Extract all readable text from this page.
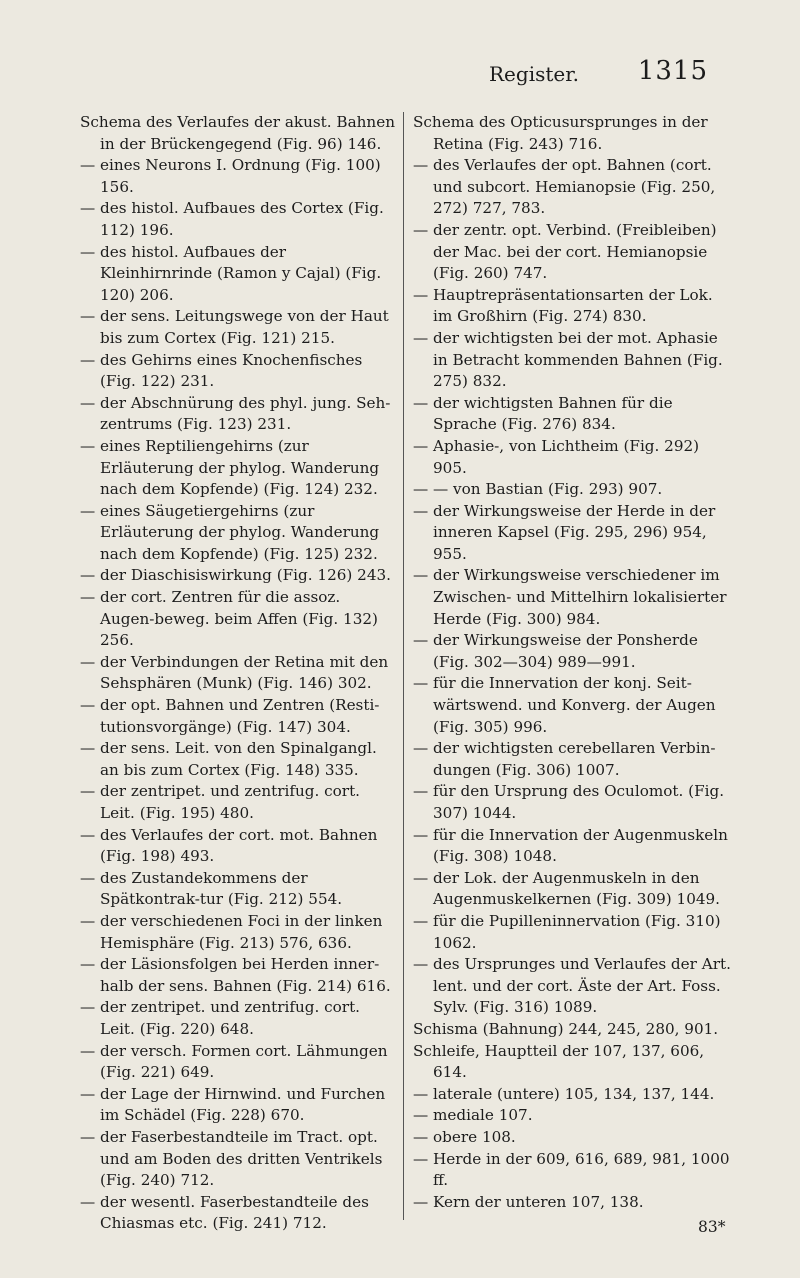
Register. 1315

Schema des Verlaufes der akust. Bahnen in der Brückengegend (Fig. 96) 146.

— eines Neurons I. Ordnung (Fig. 100) 156.

— des histol. Aufbaues des Cortex (Fig. 112) 196.

— des histol. Aufbaues der Kleinhirnrinde (Ramon y Cajal) (Fig. 120) 206.

— der sens. Leitungswege von der Haut bis zum Cortex (Fig. 121) 215.

— des Gehirns eines Knochenfisches (Fig. 122) 231.

— der Abschnürung des phyl. jung. Seh-zentrums (Fig. 123) 231.

— eines Reptiliengehirns (zur Erläuterung der phylog. Wanderung nach dem Kopfende) (Fig. 124) 232.

— eines Säugetiergehirns (zur Erläuterung der phylog. Wanderung nach dem Kopfende) (Fig. 125) 232.

— der Diaschisiswirkung (Fig. 126) 243.

— der cort. Zentren für die assoz. Augen-beweg. beim Affen (Fig. 132) 256.

— der Verbindungen der Retina mit den Sehsphären (Munk) (Fig. 146) 302.

— der opt. Bahnen und Zentren (Resti-tutionsvorgänge) (Fig. 147) 304.

— der sens. Leit. von den Spinalgangl. an bis zum Cortex (Fig. 148) 335.

— der zentripet. und zentrifug. cort. Leit. (Fig. 195) 480.

— des Verlaufes der cort. mot. Bahnen (Fig. 198) 493.

— des Zustandekommens der Spätkontrak-tur (Fig. 212) 554.

— der verschiedenen Foci in der linken Hemisphäre (Fig. 213) 576, 636.

— der Läsionsfolgen bei Herden inner-halb der sens. Bahnen (Fig. 214) 616.

— der zentripet. und zentrifug. cort. Leit. (Fig. 220) 648.

— der versch. Formen cort. Lähmungen (Fig. 221) 649.

— der Lage der Hirnwind. und Furchen im Schädel (Fig. 228) 670.

— der Faserbestandteile im Tract. opt. und am Boden des dritten Ventrikels (Fig. 240) 712.

— der wesentl. Faserbestandteile des Chiasmas etc. (Fig. 241) 712.

Schema des Opticusursprunges in der Retina (Fig. 243) 716.

— des Verlaufes der opt. Bahnen (cort. und subcort. Hemianopsie (Fig. 250, 272) 727, 783.

— der zentr. opt. Verbind. (Freibleiben) der Mac. bei der cort. Hemianopsie (Fig. 260) 747.

— Hauptrepräsentationsarten der Lok. im Großhirn (Fig. 274) 830.

— der wichtigsten bei der mot. Aphasie in Betracht kommenden Bahnen (Fig. 275) 832.

— der wichtigsten Bahnen für die Sprache (Fig. 276) 834.

— Aphasie-, von Lichtheim (Fig. 292) 905.

— — von Bastian (Fig. 293) 907.

— der Wirkungsweise der Herde in der inneren Kapsel (Fig. 295, 296) 954, 955.

— der Wirkungsweise verschiedener im Zwischen- und Mittelhirn lokalisierter Herde (Fig. 300) 984.

— der Wirkungsweise der Ponsherde (Fig. 302—304) 989—991.

— für die Innervation der konj. Seit-wärtswend. und Konverg. der Augen (Fig. 305) 996.

— der wichtigsten cerebellaren Verbin-dungen (Fig. 306) 1007.

— für den Ursprung des Oculomot. (Fig. 307) 1044.

— für die Innervation der Augenmuskeln (Fig. 308) 1048.

— der Lok. der Augenmuskeln in den Augenmuskelkernen (Fig. 309) 1049.

— für die Pupilleninnervation (Fig. 310) 1062.

— des Ursprunges und Verlaufes der Art. lent. und der cort. Äste der Art. Foss. Sylv. (Fig. 316) 1089.

Schisma (Bahnung) 244, 245, 280, 901.

Schleife, Hauptteil der 107, 137, 606, 614.

— laterale (untere) 105, 134, 137, 144.

— mediale 107.

— obere 108.

— Herde in der 609, 616, 689, 981, 1000 ff.

— Kern der unteren 107, 138.

83*
